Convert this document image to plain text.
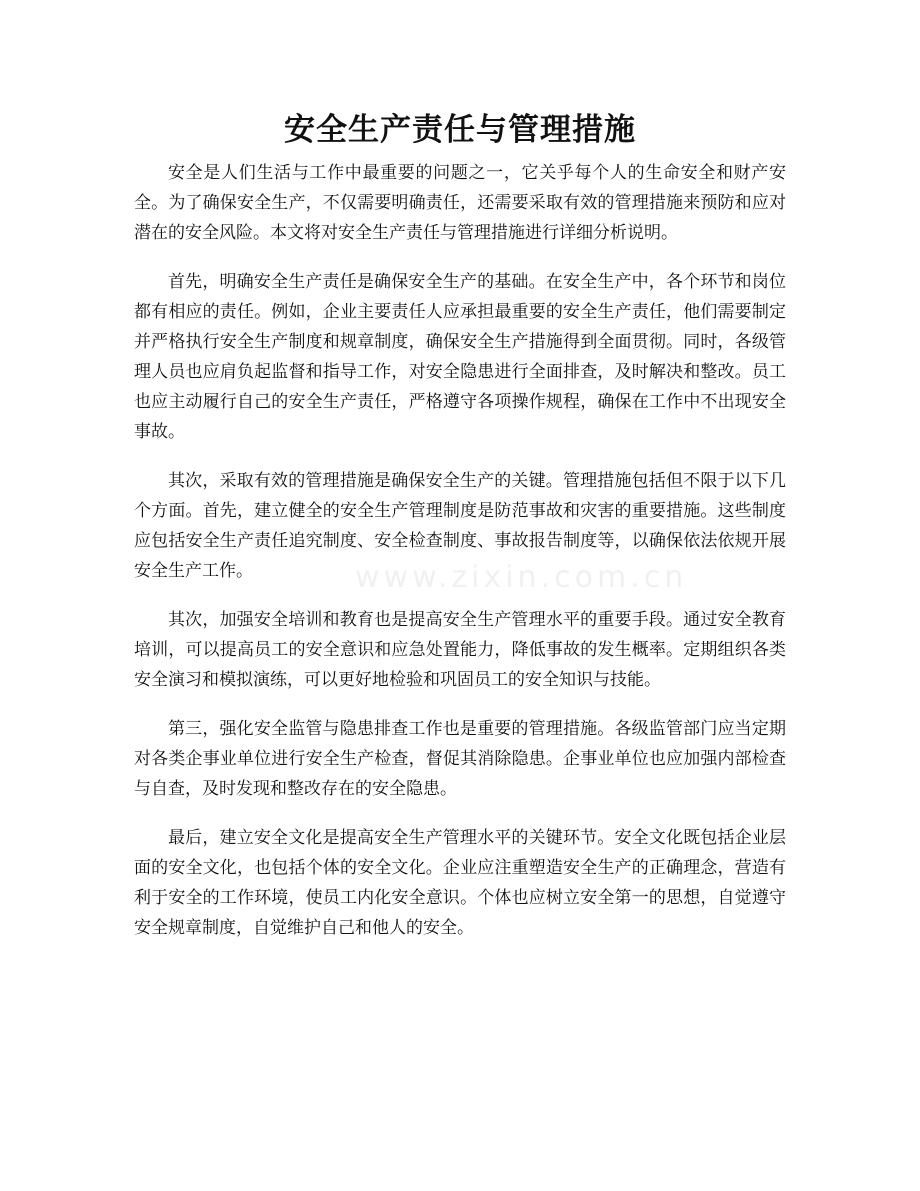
www.zixin.com.cn
安全生产责任与管理措施

安全是人们生活与工作中最重要的问题之一，它关乎每个人的生命安全和财产安全。为了确保安全生产，不仅需要明确责任，还需要采取有效的管理措施来预防和应对潜在的安全风险。本文将对安全生产责任与管理措施进行详细分析说明。

首先，明确安全生产责任是确保安全生产的基础。在安全生产中，各个环节和岗位都有相应的责任。例如，企业主要责任人应承担最重要的安全生产责任，他们需要制定并严格执行安全生产制度和规章制度，确保安全生产措施得到全面贯彻。同时，各级管理人员也应肩负起监督和指导工作，对安全隐患进行全面排查，及时解决和整改。员工也应主动履行自己的安全生产责任，严格遵守各项操作规程，确保在工作中不出现安全事故。

其次，采取有效的管理措施是确保安全生产的关键。管理措施包括但不限于以下几个方面。首先，建立健全的安全生产管理制度是防范事故和灾害的重要措施。这些制度应包括安全生产责任追究制度、安全检查制度、事故报告制度等，以确保依法依规开展安全生产工作。

其次，加强安全培训和教育也是提高安全生产管理水平的重要手段。通过安全教育培训，可以提高员工的安全意识和应急处置能力，降低事故的发生概率。定期组织各类安全演习和模拟演练，可以更好地检验和巩固员工的安全知识与技能。

第三，强化安全监管与隐患排查工作也是重要的管理措施。各级监管部门应当定期对各类企事业单位进行安全生产检查，督促其消除隐患。企事业单位也应加强内部检查与自查，及时发现和整改存在的安全隐患。

最后，建立安全文化是提高安全生产管理水平的关键环节。安全文化既包括企业层面的安全文化，也包括个体的安全文化。企业应注重塑造安全生产的正确理念，营造有利于安全的工作环境，使员工内化安全意识。个体也应树立安全第一的思想，自觉遵守安全规章制度，自觉维护自己和他人的安全。
